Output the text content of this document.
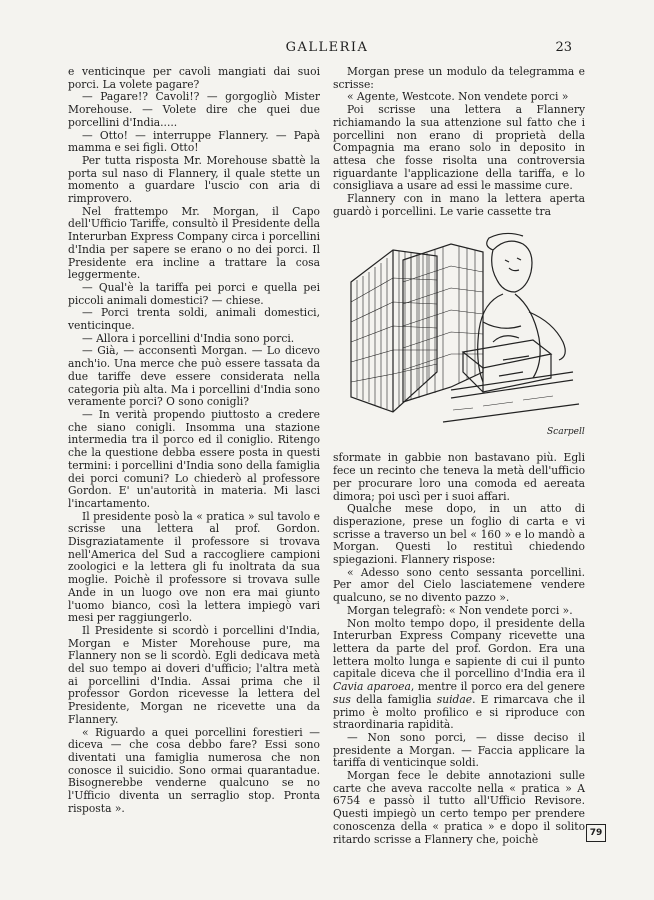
GALLERIA	23

e venticinque per cavoli mangiati dai suoi porci. La volete pagare?

— Pagare!? Cavoli!? — gorgogliò Mister Morehouse. — Volete dire che quei due porcellini d'India.....

— Otto! — interruppe Flannery. — Papà mamma e sei figli. Otto!

Per tutta risposta Mr. Morehouse sbattè la porta sul naso di Flannery, il quale stette un momento a guardare l'uscio con aria di rimprovero.

Nel frattempo Mr. Morgan, il Capo dell'Ufficio Tariffe, consultò il Presidente della Interurban Express Company circa i porcellini d'India per sapere se erano o no dei porci. Il Presidente era incline a trattare la cosa leggermente.

— Qual'è la tariffa pei porci e quella pei piccoli animali domestici? — chiese.

— Porci trenta soldi, animali domestici, venticinque.

— Allora i porcellini d'India sono porci.

— Già, — acconsentì Morgan. — Lo dicevo anch'io. Una merce che può essere tassata da due tariffe deve essere considerata nella categoria più alta. Ma i porcellini d'India sono veramente porci? O sono conigli?

— In verità propendo piuttosto a credere che siano conigli. Insomma una stazione intermedia tra il porco ed il coniglio. Ritengo che la questione debba essere posta in questi termini: i porcellini d'India sono della famiglia dei porci comuni? Lo chiederò al professore Gordon. E' un'autorità in materia. Mi lasci l'incartamento.

Il presidente posò la « pratica » sul tavolo e scrisse una lettera al prof. Gordon. Disgraziatamente il professore si trovava nell'America del Sud a raccogliere campioni zoologici e la lettera gli fu inoltrata da sua moglie. Poichè il professore si trovava sulle Ande in un luogo ove non era mai giunto l'uomo bianco, così la lettera impiegò vari mesi per raggiungerlo.

Il Presidente si scordò i porcellini d'India, Morgan e Mister Morehouse pure, ma Flannery non se li scordò. Egli dedicava metà del suo tempo ai doveri d'ufficio; l'altra metà ai porcellini d'India. Assai prima che il professor Gordon ricevesse la lettera del Presidente, Morgan ne ricevette una da Flannery.

« Riguardo a quei porcellini forestieri — diceva — che cosa debbo fare? Essi sono diventati una famiglia numerosa che non conosce il suicidio. Sono ormai quarantadue. Bisognerebbe venderne qualcuno se no l'Ufficio diventa un serraglio stop. Pronta risposta ».

Morgan prese un modulo da telegramma e scrisse:

« Agente, Westcote. Non vendete porci »

Poi scrisse una lettera a Flannery richiamando la sua attenzione sul fatto che i porcellini non erano di proprietà della Compagnia ma erano solo in deposito in attesa che fosse risolta una controversia riguardante l'applicazione della tariffa, e lo consigliava a usare ad essi le massime cure.

Flannery con in mano la lettera aperta guardò i porcellini. Le varie cassette tra

Scarpelli

sformate in gabbie non bastavano più. Egli fece un recinto che teneva la metà dell'ufficio per procurare loro una comoda ed aereata dimora; poi uscì per i suoi affari.

Qualche mese dopo, in un atto di disperazione, prese un foglio di carta e vi scrisse a traverso un bel « 160 » e lo mandò a Morgan. Questi lo restituì chiedendo spiegazioni. Flannery rispose:

« Adesso sono cento sessanta porcellini. Per amor del Cielo lasciatemene vendere qualcuno, se no divento pazzo ».

Morgan telegrafò: « Non vendete porci ».

Non molto tempo dopo, il presidente della Interurban Express Company ricevette una lettera da parte del prof. Gordon. Era una lettera molto lunga e sapiente di cui il punto capitale diceva che il porcellino d'India era il Cavia aparoea, mentre il porco era del genere sus della famiglia suidae. E rimarcava che il primo è molto profilico e si riproduce con straordinaria rapidità.

— Non sono porci, — disse deciso il presidente a Morgan. — Faccia applicare la tariffa di venticinque soldi.

Morgan fece le debite annotazioni sulle carte che aveva raccolte nella « pratica » A 6754 e passò il tutto all'Ufficio Revisore. Questi impiegò un certo tempo per prendere conoscenza della « pratica » e dopo il solito ritardo scrisse a Flannery che, poichè	79
